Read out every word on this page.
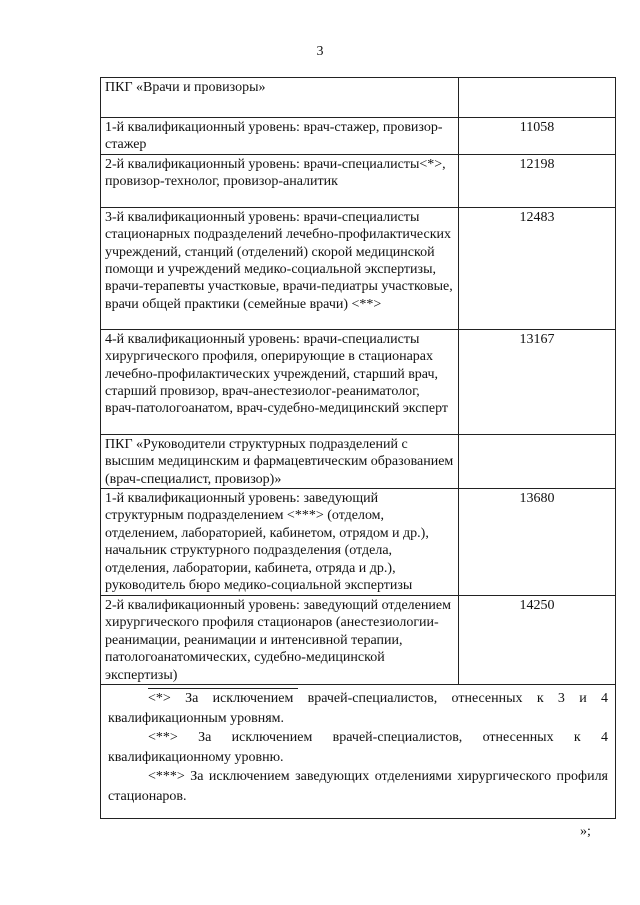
3
ПКГ «Врачи и провизоры»	
1-й квалификационный уровень: врач-стажер, провизор-стажер	11058
2-й квалификационный уровень: врачи-специалисты<*>, провизор-технолог, провизор-аналитик	12198
3-й квалификационный уровень: врачи-специалисты стационарных подразделений лечебно-профилактических учреждений, станций (отделений) скорой медицинской помощи и учреждений медико-социальной экспертизы, врачи-терапевты участковые, врачи-педиатры участковые, врачи общей практики (семейные врачи) <**>	12483
4-й квалификационный уровень: врачи-специалисты хирургического профиля, оперирующие в стационарах лечебно-профилактических учреждений, старший врач, старший провизор, врач-анестезиолог-реаниматолог, врач-патологоанатом, врач-судебно-медицинский эксперт	13167
ПКГ «Руководители структурных подразделений с высшим медицинским и фармацевтическим образованием (врач-специалист, провизор)»	
1-й квалификационный уровень: заведующий структурным подразделением <***> (отделом, отделением, лабораторией, кабинетом, отрядом и др.), начальник структурного подразделения (отдела, отделения, лаборатории, кабинета, отряда и др.), руководитель бюро медико-социальной экспертизы	13680
2-й квалификационный уровень: заведующий отделением хирургического профиля стационаров (анестезиологии-реанимации, реанимации и интенсивной терапии, патологоанатомических, судебно-медицинской экспертизы)	14250
<*> За исключением врачей-специалистов, отнесенных к 3 и 4 квалификационным уровням.
<**> За исключением врачей-специалистов, отнесенных к 4 квалификационному уровню.
<***> За исключением заведующих отделениями хирургического профиля стационаров.
»;
